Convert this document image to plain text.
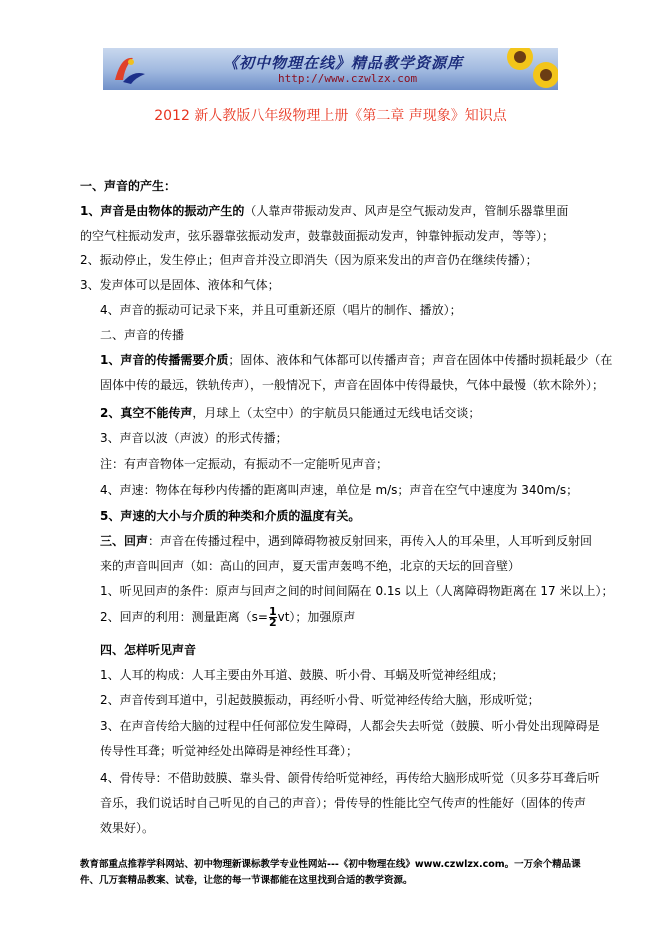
《初中物理在线》精品教学资源库
http://www.czwlzx.com
2012 新人教版八年级物理上册《第二章 声现象》知识点
一、声音的产生：
1、声音是由物体的振动产生的（人靠声带振动发声、风声是空气振动发声，管制乐器靠里面
的空气柱振动发声，弦乐器靠弦振动发声，鼓靠鼓面振动发声，钟靠钟振动发声，等等）；
2、振动停止，发生停止；但声音并没立即消失（因为原来发出的声音仍在继续传播）；
3、发声体可以是固体、液体和气体；
4、声音的振动可记录下来，并且可重新还原（唱片的制作、播放）；
二、声音的传播
1、声音的传播需要介质；固体、液体和气体都可以传播声音；声音在固体中传播时损耗最少（在
固体中传的最远，铁轨传声），一般情况下，声音在固体中传得最快，气体中最慢（软木除外）；
2、真空不能传声，月球上（太空中）的宇航员只能通过无线电话交谈；
3、声音以波（声波）的形式传播；
注：有声音物体一定振动，有振动不一定能听见声音；
4、声速：物体在每秒内传播的距离叫声速，单位是 m/s；声音在空气中速度为 340m/s；
5、声速的大小与介质的种类和介质的温度有关。
三、回声：声音在传播过程中，遇到障碍物被反射回来，再传入人的耳朵里，人耳听到反射回
来的声音叫回声（如：高山的回声，夏天雷声轰鸣不绝，北京的天坛的回音壁）
1、听见回声的条件：原声与回声之间的时间间隔在 0.1s 以上（人离障碍物距离在 17 米以上）；
2、回声的利用：测量距离$(s= \frac{1}{2} vt)$；加强原声
四、怎样听见声音
1、人耳的构成：人耳主要由外耳道、鼓膜、听小骨、耳蜗及听觉神经组成；
2、声音传到耳道中，引起鼓膜振动，再经听小骨、听觉神经传给大脑，形成听觉；
3、在声音传给大脑的过程中任何部位发生障碍，人都会失去听觉（鼓膜、听小骨处出现障碍是
传导性耳聋；听觉神经处出障碍是神经性耳聋）；
4、骨传导：不借助鼓膜、靠头骨、颌骨传给听觉神经，再传给大脑形成听觉（贝多芬耳聋后听
音乐，我们说话时自己听见的自己的声音）；骨传导的性能比空气传声的性能好（固体的传声
效果好）。
教育部重点推荐学科网站、初中物理新课标教学专业性网站---《初中物理在线》www.czwlzx.com。一万余个精品课
件、几万套精品教案、试卷，让您的每一节课都能在这里找到合适的教学资源。
